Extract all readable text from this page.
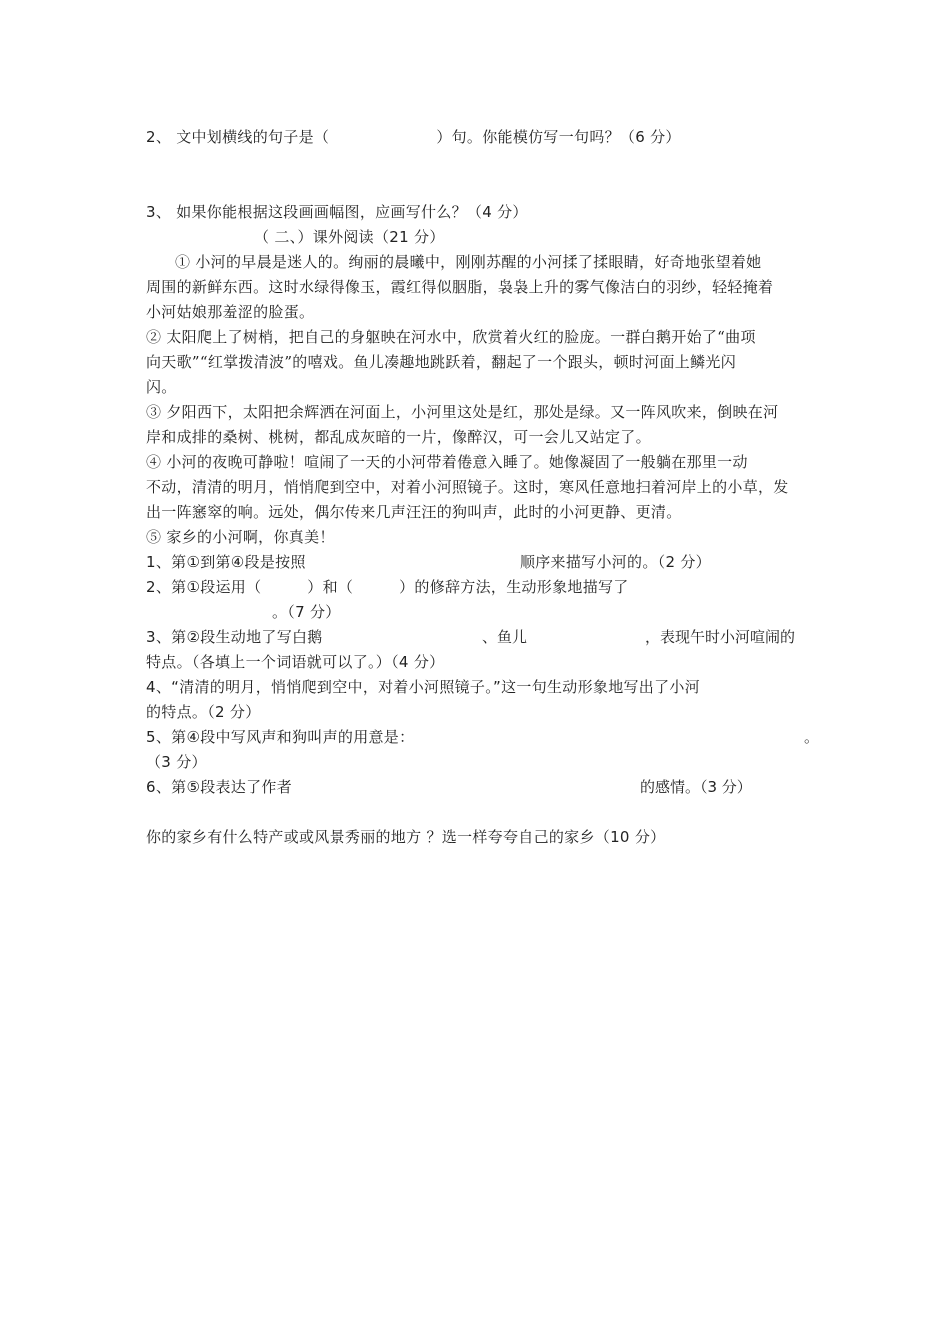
2、 文中划横线的句子是（　　　　　　　）句。你能模仿写一句吗？（6 分）
3、 如果你能根据这段画画幅图，应画写什么？（4 分）
（ 二、）课外阅读（21 分）
① 小河的早晨是迷人的。绚丽的晨曦中，刚刚苏醒的小河揉了揉眼睛，好奇地张望着她
周围的新鲜东西。这时水绿得像玉，霞红得似胭脂，袅袅上升的雾气像洁白的羽纱，轻轻掩着
小河姑娘那羞涩的脸蛋。
② 太阳爬上了树梢，把自己的身躯映在河水中，欣赏着火红的脸庞。一群白鹅开始了“曲项
向天歌”“红掌拨清波”的嘻戏。鱼儿凑趣地跳跃着，翻起了一个跟头，顿时河面上鳞光闪
闪。
③ 夕阳西下，太阳把余辉洒在河面上，小河里这处是红，那处是绿。又一阵风吹来，倒映在河
岸和成排的桑树、桃树，都乱成灰暗的一片，像醉汉，可一会儿又站定了。
④ 小河的夜晚可静啦！喧闹了一天的小河带着倦意入睡了。她像凝固了一般躺在那里一动
不动，清清的明月，悄悄爬到空中，对着小河照镜子。这时，寒风任意地扫着河岸上的小草，发
出一阵窸窣的响。远处，偶尔传来几声汪汪的狗叫声，此时的小河更静、更清。
⑤ 家乡的小河啊，你真美！
1、第①到第④段是按照　　　　　　　　　　　　　　顺序来描写小河的。（2 分）
2、第①段运用（　　　）和（　　　）的修辞方法，生动形象地描写了
。（7 分）
3、第②段生动地了写白鹅	、鱼儿	，表现午时小河喧闹的
特点。（各填上一个词语就可以了。）（4 分）
4、“清清的明月，悄悄爬到空中，对着小河照镜子。”这一句生动形象地写出了小河
的特点。（2 分）
5、第④段中写风声和狗叫声的用意是：	。
（3 分）
6、第⑤段表达了作者	的感情。（3 分）
你的家乡有什么特产或或风景秀丽的地方 ？选一样夸夸自己的家乡（10 分）
